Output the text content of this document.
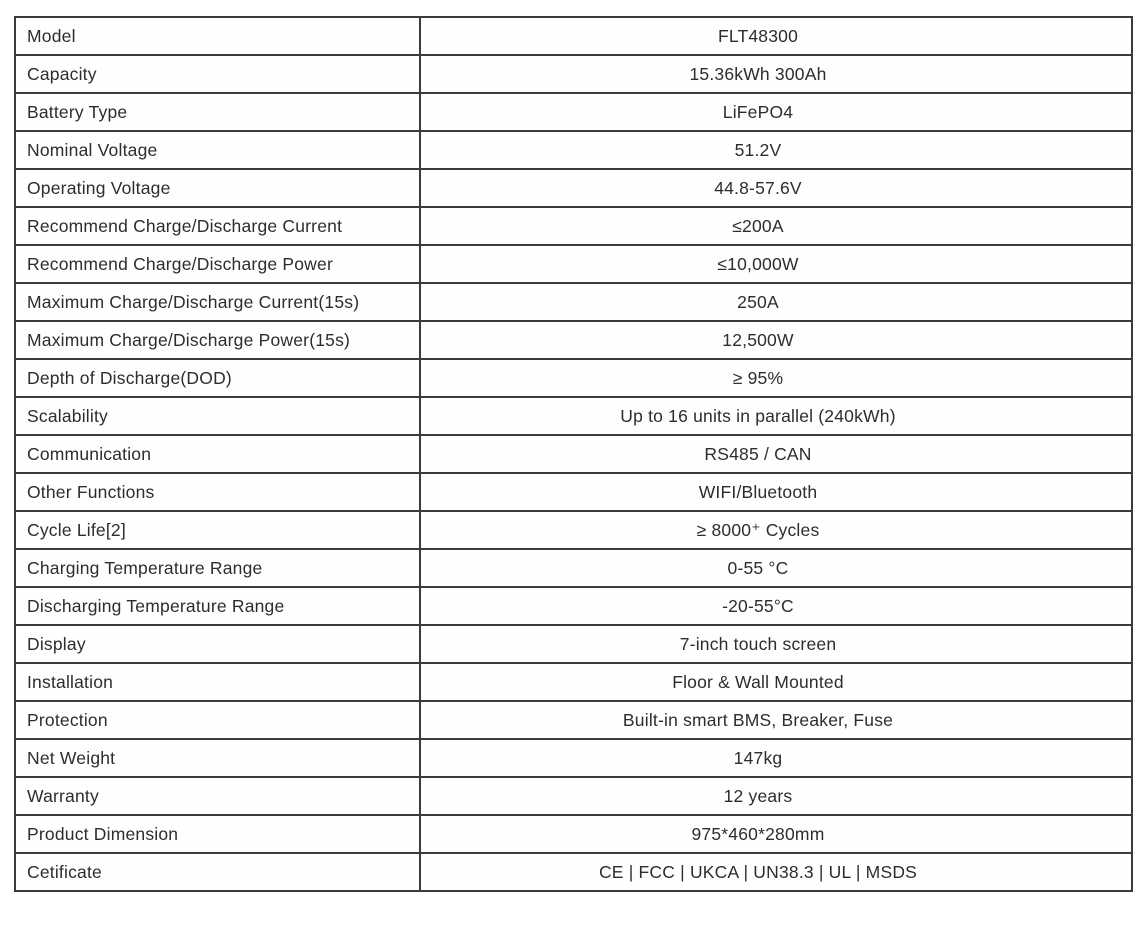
Model	FLT48300
Capacity	15.36kWh 300Ah
Battery Type	LiFePO4
Nominal Voltage	51.2V
Operating Voltage	44.8-57.6V
Recommend Charge/Discharge Current	≤200A
Recommend Charge/Discharge Power	≤10,000W
Maximum Charge/Discharge Current(15s)	250A
Maximum Charge/Discharge Power(15s)	12,500W
Depth of Discharge(DOD)	≥ 95%
Scalability	Up to 16 units in parallel (240kWh)
Communication	RS485 / CAN
Other Functions	WIFI/Bluetooth
Cycle Life[2]	≥ 8000⁺ Cycles
Charging Temperature Range	0-55 °C
Discharging Temperature Range	-20-55°C
Display	7-inch touch screen
Installation	Floor & Wall Mounted
Protection	Built-in smart BMS, Breaker, Fuse
Net Weight	147kg
Warranty	12 years
Product Dimension	975*460*280mm
Cetificate	CE | FCC | UKCA | UN38.3 | UL | MSDS
